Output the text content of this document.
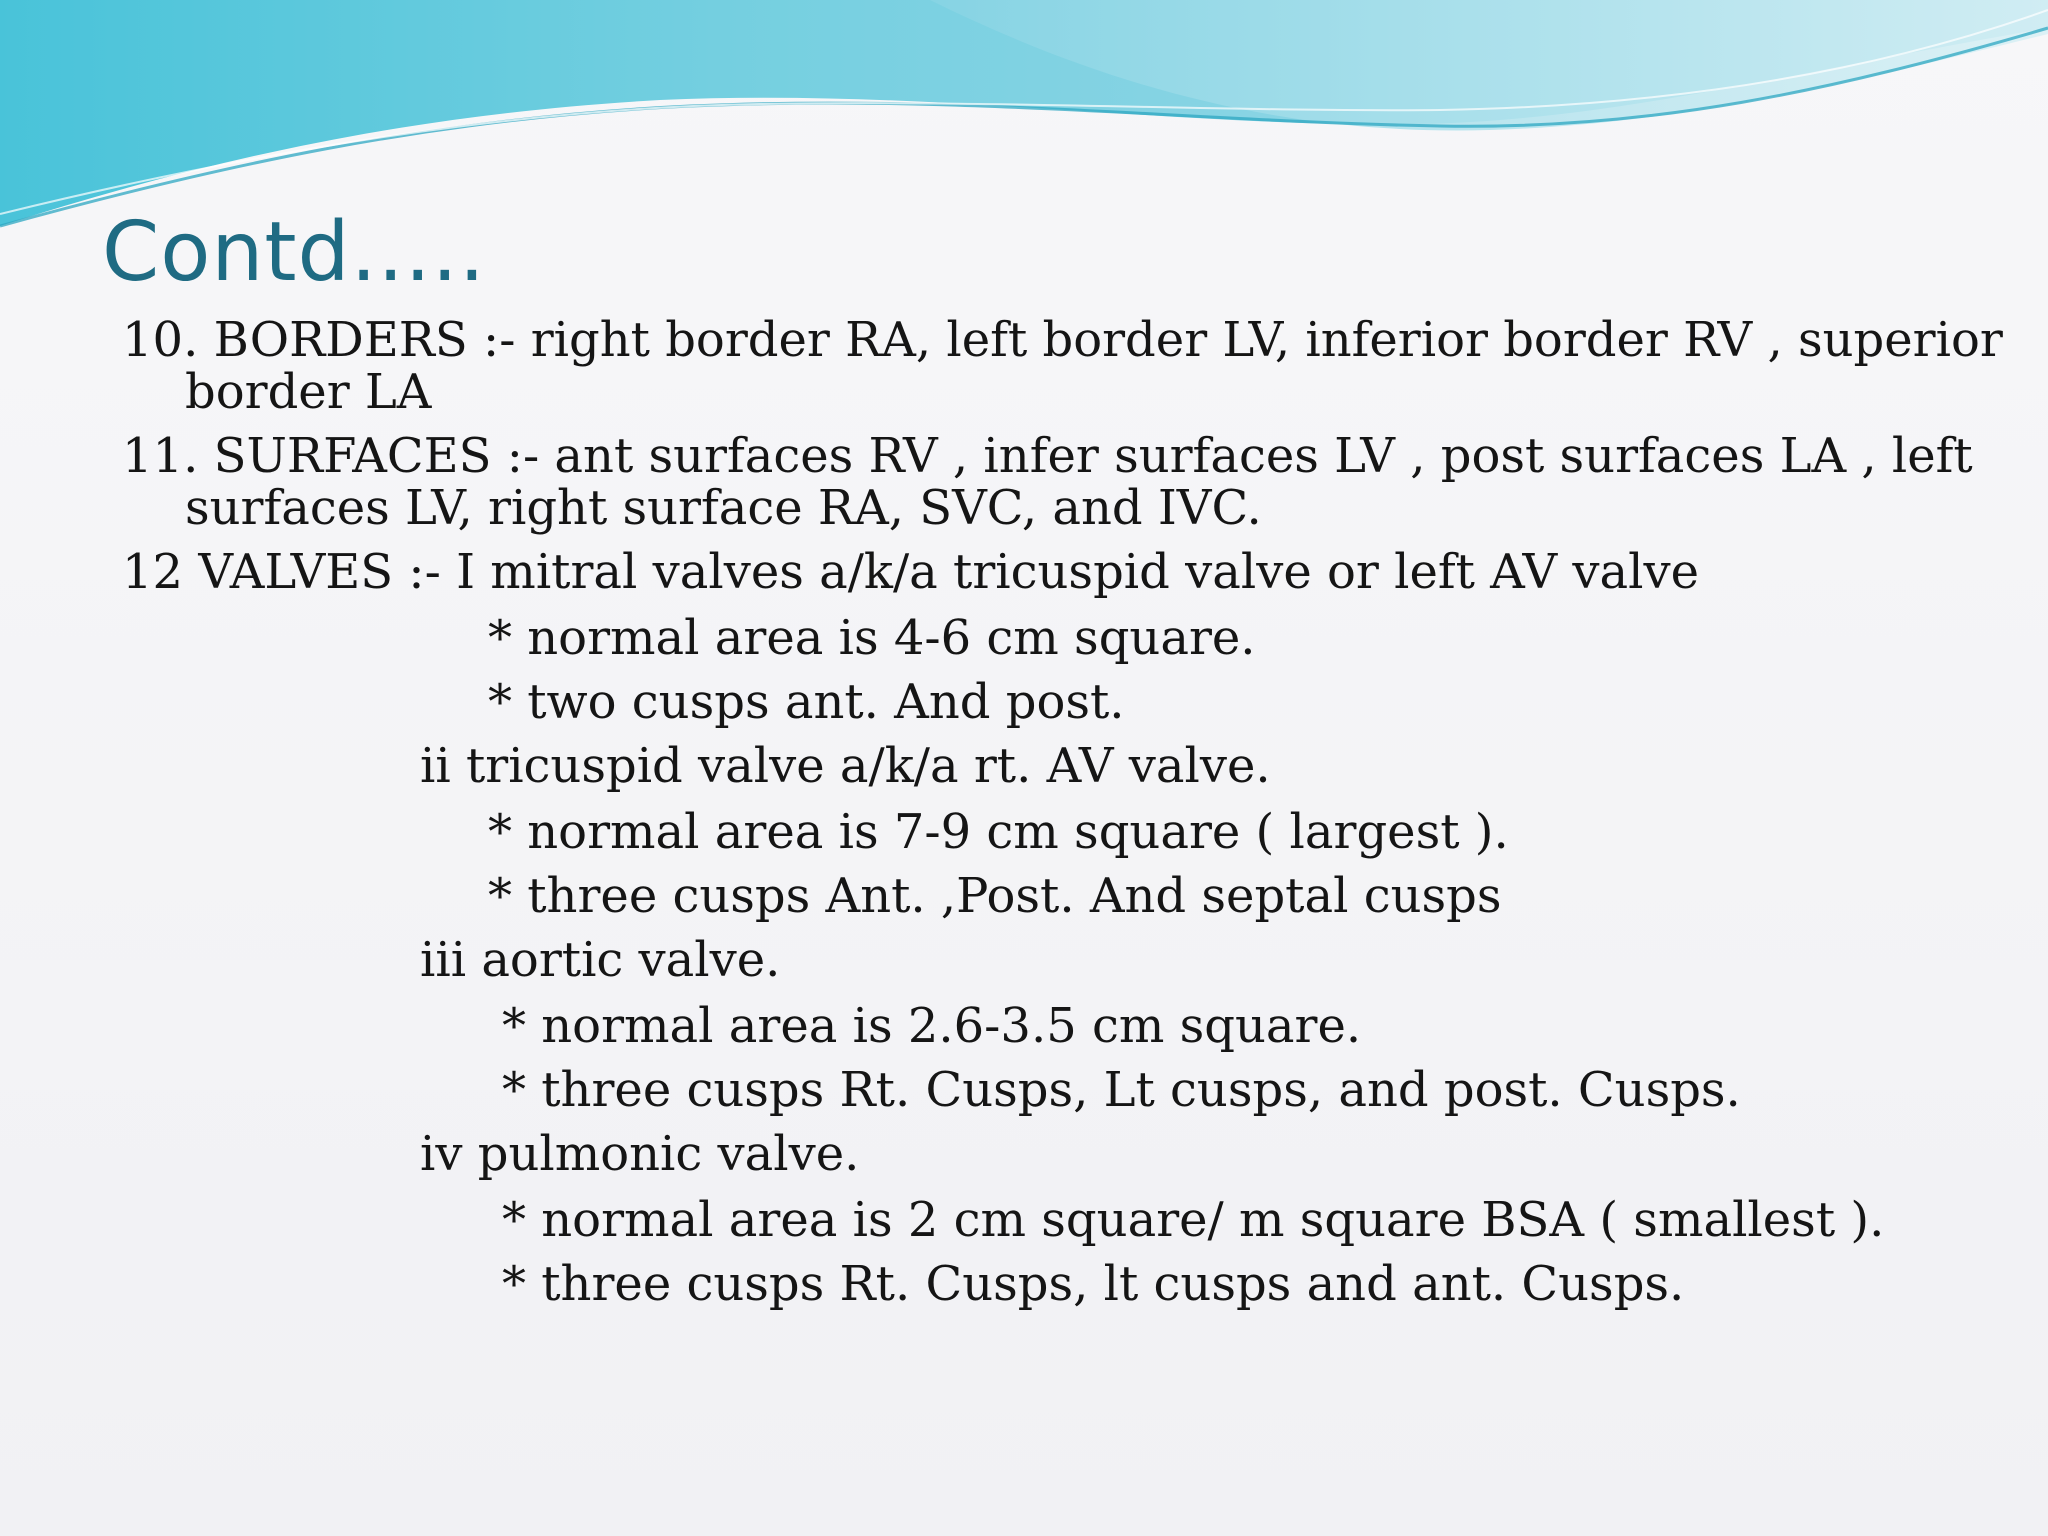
Contd.....

10. BORDERS :- right border RA, left border LV, inferior border RV , superior

border LA

11. SURFACES :- ant surfaces RV , infer surfaces LV , post surfaces LA , left

surfaces LV, right surface RA, SVC, and IVC.

12 VALVES :- I mitral valves a/k/a tricuspid valve or left AV valve

* normal area is 4-6 cm square.

* two cusps ant. And post.

ii tricuspid valve a/k/a rt. AV valve.

* normal area is 7-9 cm square ( largest ).

* three cusps Ant. ,Post. And septal cusps

iii aortic valve.

* normal area is 2.6-3.5 cm square.

* three cusps Rt. Cusps, Lt cusps, and post. Cusps.

iv pulmonic valve.

* normal area is 2 cm square/ m square BSA ( smallest ).

* three cusps Rt. Cusps, lt cusps and ant. Cusps.
